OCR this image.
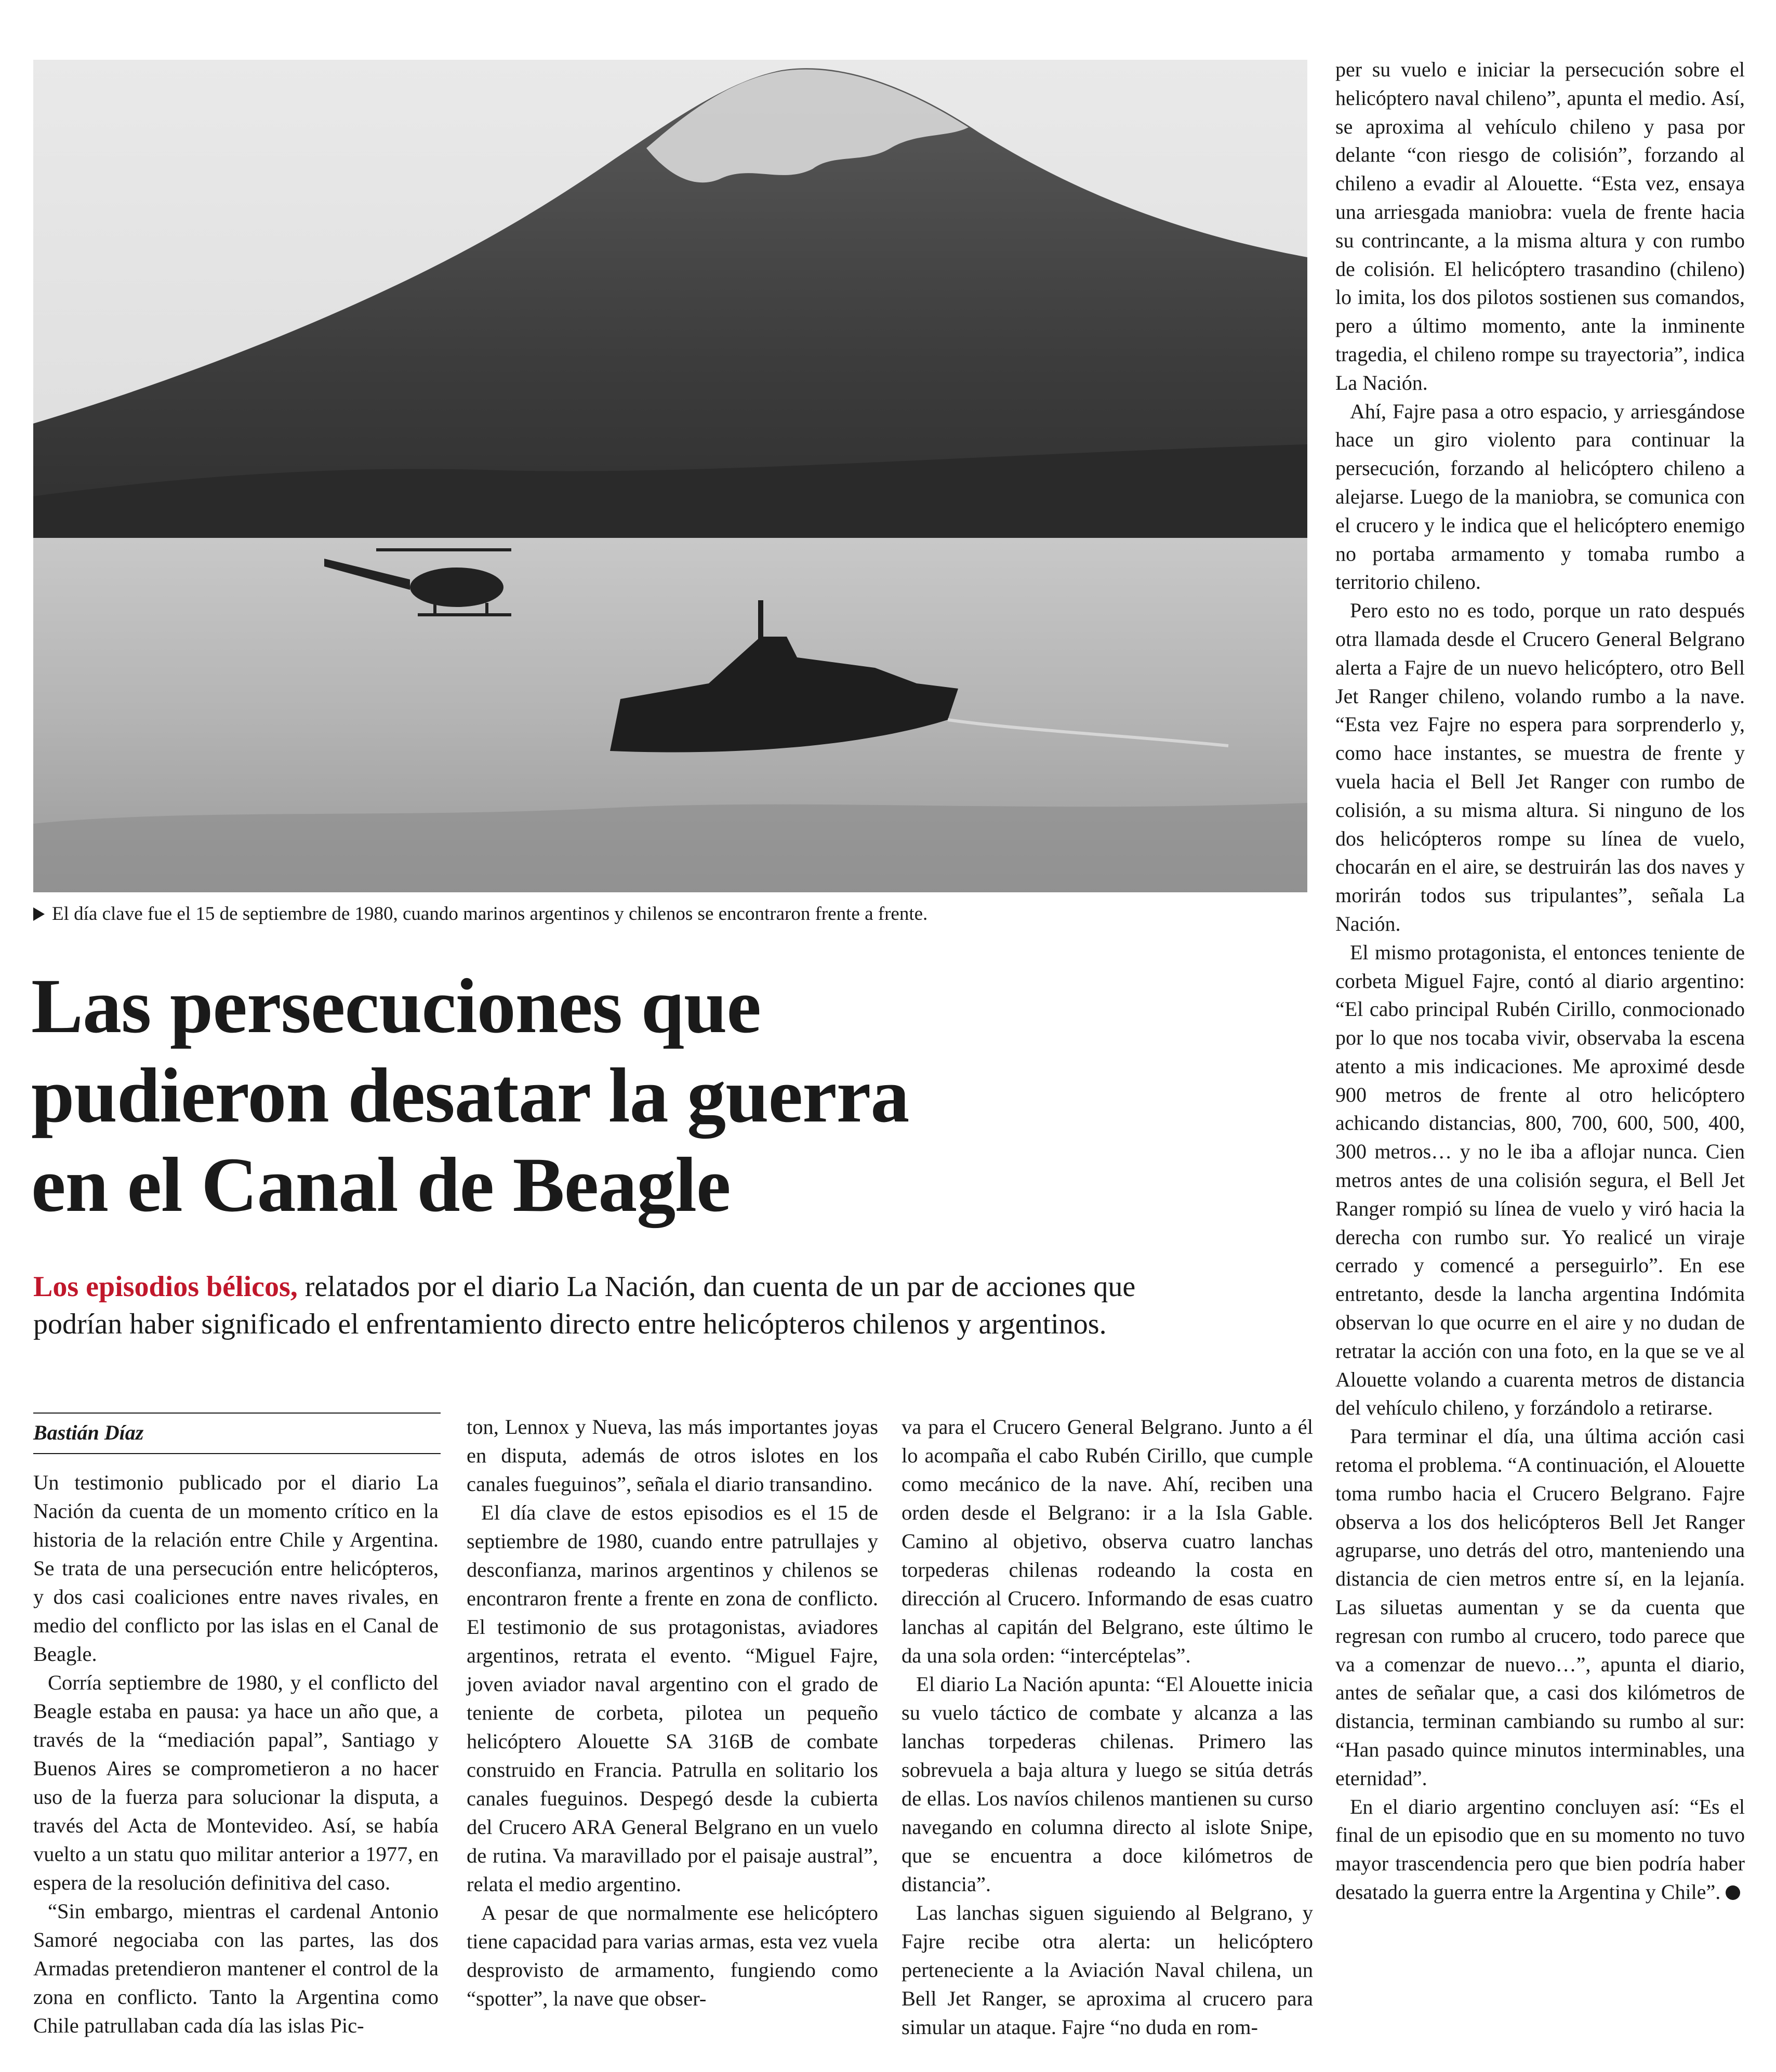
El día clave fue el 15 de septiembre de 1980, cuando marinos argentinos y chilenos se encontraron frente a frente.
Las persecuciones que
pudieron desatar la guerra
en el Canal de Beagle

Los episodios bélicos, relatados por el diario La Nación, dan cuenta de un par de acciones que
podrían haber significado el enfrentamiento directo entre helicópteros chilenos y argentinos.

Bastián Díaz

Un testimonio publicado por el diario La Nación da cuenta de un momento crítico en la historia de la relación entre Chile y Argentina. Se trata de una persecución entre helicópteros, y dos casi coaliciones entre naves rivales, en medio del conflicto por las islas en el Canal de Beagle.

Corría septiembre de 1980, y el conflicto del Beagle estaba en pausa: ya hace un año que, a través de la “mediación papal”, Santiago y Buenos Aires se comprometieron a no hacer uso de la fuerza para solucionar la disputa, a través del Acta de Montevideo. Así, se había vuelto a un statu quo militar anterior a 1977, en espera de la resolución definitiva del caso.

“Sin embargo, mientras el cardenal Antonio Samoré negociaba con las partes, las dos Armadas pretendieron mantener el control de la zona en conflicto. Tanto la Argentina como Chile patrullaban cada día las islas Pic-

ton, Lennox y Nueva, las más importantes joyas en disputa, además de otros islotes en los canales fueguinos”, señala el diario transandino.

El día clave de estos episodios es el 15 de septiembre de 1980, cuando entre patrullajes y desconfianza, marinos argentinos y chilenos se encontraron frente a frente en zona de conflicto. El testimonio de sus protagonistas, aviadores argentinos, retrata el evento. “Miguel Fajre, joven aviador naval argentino con el grado de teniente de corbeta, pilotea un pequeño helicóptero Alouette SA 316B de combate construido en Francia. Patrulla en solitario los canales fueguinos. Despegó desde la cubierta del Crucero ARA General Belgrano en un vuelo de rutina. Va maravillado por el paisaje austral”, relata el medio argentino.

A pesar de que normalmente ese helicóptero tiene capacidad para varias armas, esta vez vuela desprovisto de armamento, fungiendo como “spotter”, la nave que obser-

va para el Crucero General Belgrano. Junto a él lo acompaña el cabo Rubén Cirillo, que cumple como mecánico de la nave. Ahí, reciben una orden desde el Belgrano: ir a la Isla Gable. Camino al objetivo, observa cuatro lanchas torpederas chilenas rodeando la costa en dirección al Crucero. Informando de esas cuatro lanchas al capitán del Belgrano, este último le da una sola orden: “intercéptelas”.

El diario La Nación apunta: “El Alouette inicia su vuelo táctico de combate y alcanza a las lanchas torpederas chilenas. Primero las sobrevuela a baja altura y luego se sitúa detrás de ellas. Los navíos chilenos mantienen su curso navegando en columna directo al islote Snipe, que se encuentra a doce kilómetros de distancia”.

Las lanchas siguen siguiendo al Belgrano, y Fajre recibe otra alerta: un helicóptero perteneciente a la Aviación Naval chilena, un Bell Jet Ranger, se aproxima al crucero para simular un ataque. Fajre “no duda en rom-

per su vuelo e iniciar la persecución sobre el helicóptero naval chileno”, apunta el medio. Así, se aproxima al vehículo chileno y pasa por delante “con riesgo de colisión”, forzando al chileno a evadir al Alouette. “Esta vez, ensaya una arriesgada maniobra: vuela de frente hacia su contrincante, a la misma altura y con rumbo de colisión. El helicóptero trasandino (chileno) lo imita, los dos pilotos sostienen sus comandos, pero a último momento, ante la inminente tragedia, el chileno rompe su trayectoria”, indica La Nación.

Ahí, Fajre pasa a otro espacio, y arriesgándose hace un giro violento para continuar la persecución, forzando al helicóptero chileno a alejarse. Luego de la maniobra, se comunica con el crucero y le indica que el helicóptero enemigo no portaba armamento y tomaba rumbo a territorio chileno.

Pero esto no es todo, porque un rato después otra llamada desde el Crucero General Belgrano alerta a Fajre de un nuevo helicóptero, otro Bell Jet Ranger chileno, volando rumbo a la nave. “Esta vez Fajre no espera para sorprenderlo y, como hace instantes, se muestra de frente y vuela hacia el Bell Jet Ranger con rumbo de colisión, a su misma altura. Si ninguno de los dos helicópteros rompe su línea de vuelo, chocarán en el aire, se destruirán las dos naves y morirán todos sus tripulantes”, señala La Nación.

El mismo protagonista, el entonces teniente de corbeta Miguel Fajre, contó al diario argentino: “El cabo principal Rubén Cirillo, conmocionado por lo que nos tocaba vivir, observaba la escena atento a mis indicaciones. Me aproximé desde 900 metros de frente al otro helicóptero achicando distancias, 800, 700, 600, 500, 400, 300 metros… y no le iba a aflojar nunca. Cien metros antes de una colisión segura, el Bell Jet Ranger rompió su línea de vuelo y viró hacia la derecha con rumbo sur. Yo realicé un viraje cerrado y comencé a perseguirlo”. En ese entretanto, desde la lancha argentina Indómita observan lo que ocurre en el aire y no dudan de retratar la acción con una foto, en la que se ve al Alouette volando a cuarenta metros de distancia del vehículo chileno, y forzándolo a retirarse.

Para terminar el día, una última acción casi retoma el problema. “A continuación, el Alouette toma rumbo hacia el Crucero Belgrano. Fajre observa a los dos helicópteros Bell Jet Ranger agruparse, uno detrás del otro, manteniendo una distancia de cien metros entre sí, en la lejanía. Las siluetas aumentan y se da cuenta que regresan con rumbo al crucero, todo parece que va a comenzar de nuevo…”, apunta el diario, antes de señalar que, a casi dos kilómetros de distancia, terminan cambiando su rumbo al sur: “Han pasado quince minutos interminables, una eternidad”.

En el diario argentino concluyen así: “Es el final de un episodio que en su momento no tuvo mayor trascendencia pero que bien podría haber desatado la guerra entre la Argentina y Chile”.
